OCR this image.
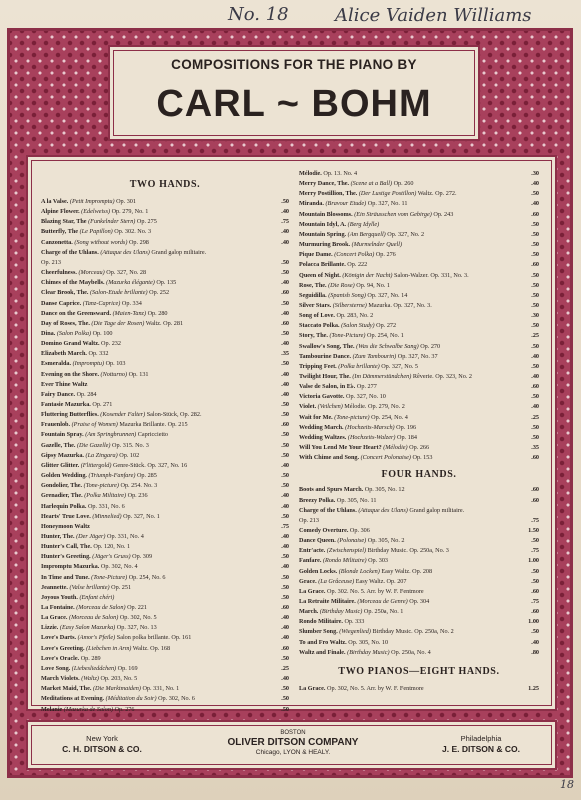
No. 18	Alice Vaiden Williams
18
COMPOSITIONS FOR THE PIANO BY
CARL ~ BOHM
TWO HANDS.
A la Valse. (Petit Impromptu) Op. 301	.50
Alpine Flower. (Edelweiss) Op. 279, No. 1	.40
Blazing Star, The (Funkelnder Stern) Op. 275	.75
Butterfly, The (Le Papillon) Op. 302. No. 3	.40
Canzonetta. (Song without words) Op. 298	.40
Charge of the Uhlans. (Attaque des Ulans) Grand galop militaire.
Op. 213	.50
Cheerfulness. (Morceau) Op. 327, No. 28	.50
Chimes of the Maybells. (Mazurka élégante) Op. 135	.40
Clear Brook, The. (Salon-Etude brillante) Op. 252	.60
Danse Caprice. (Tanz-Caprice) Op. 334	.50
Dance on the Greensward. (Maien-Tanz) Op. 280	.40
Day of Roses, The. (Die Tage der Rosen) Waltz. Op. 281	.60
Dina. (Salon Polka) Op. 100	.50
Domino Grand Waltz. Op. 232	.40
Elizabeth March. Op. 332	.35
Esmeralda. (Impromptu) Op. 103	.50
Evening on the Shore. (Notturno) Op. 131	.40
Ever Thine Waltz	.40
Fairy Dance. Op. 284	.40
Fantasie Mazurka. Op. 271	.50
Fluttering Butterflies. (Kosender Falter) Salon-Stück, Op. 282.	.50
Frauenlob. (Praise of Women) Mazurka Brillante. Op. 215	.60
Fountain Spray. (Am Springbrunnen) Capriccietto	.50
Gazelle, The. (Die Gazelle) Op. 315. No. 3	.50
Gipsy Mazurka. (La Zingara) Op. 102	.50
Glitter Glitter. (Flittergold) Genre-Stück. Op. 327, No. 16	.40
Golden Wedding. (Triumph-Fanfare) Op. 285	.50
Gondolier, The. (Tone-picture) Op. 254. No. 3	.50
Grenadier, The. (Polka Militaire) Op. 236	.40
Harlequin Polka. Op. 331, No. 6	.40
Hearts' True Love. (Minnelied) Op. 327, No. 1	.50
Honeymoon Waltz	.75
Hunter, The. (Der Jäger) Op. 331, No. 4	.40
Hunter's Call, The. Op. 120, No. 1	.40
Hunter's Greeting. (Jäger's Gruss) Op. 309	.50
Impromptu Mazurka. Op. 302, No. 4	.40
In Time and Tune. (Tone-Picture) Op. 254, No. 6	.50
Jeannette. (Valse brillante) Op. 251	.50
Joyous Youth. (Enfant chéri)	.50
La Fontaine. (Morceau de Salon) Op. 221	.60
La Grace. (Morceau de Salon) Op. 302, No. 5	.40
Lizzie. (Easy Salon Mazurka) Op. 327, No. 13	.40
Love's Darts. (Amor's Pfeile) Salon polka brillante. Op. 161	.40
Love's Greeting. (Liebchen in Arm) Waltz. Op. 168	.60
Love's Oracle. Op. 289	.50
Love Song. (Liebeslieddchen) Op. 169	.25
March Violets. (Waltz) Op. 203, No. 5	.40
Market Maid, The. (Die Marktmaiden) Op. 331, No. 1	.50
Meditations at Evening. (Méditation du Soir) Op. 302, No. 6	.50
Melanie (Mazurka de Salon) Op. 276	.50
FOUR HANDS.
TWO PIANOS—EIGHT HANDS.
Mélodie. Op. 13. No. 4	.30
Merry Dance, The. (Scene at a Ball) Op. 260	.40
Merry Postillion, The. (Der Lustige Postillon) Waltz. Op. 272.	.50
Miranda. (Bravour Etude) Op. 327, No. 11	.40
Mountain Blossoms. (Ein Sträusschen vom Gebirge) Op. 243	.60
Mountain Idyl, A. (Berg Idylle)	.50
Mountain Spring. (Am Bergquell) Op. 327, No. 2	.50
Murmuring Brook. (Murmelnder Quell)	.50
Pique Dame. (Concert Polka) Op. 276	.50
Polacca Brillante. Op. 222	.60
Queen of Night. (Königin der Nacht) Salon-Walzer. Op. 331, No. 3.	.50
Rose, The. (Die Rose) Op. 94, No. 1	.50
Seguidilla. (Spanish Song) Op. 327, No. 14	.50
Silver Stars. (Silbersterne) Mazurka. Op. 327, No. 3.	.50
Song of Love. Op. 283, No. 2	.30
Staccato Polka. (Salon Study) Op. 272	.50
Story, The. (Tone-Picture) Op. 254, No. 1	.25
Swallow's Song, The. (Was die Schwalbe Sang) Op. 270	.50
Tambourine Dance. (Zum Tambourin) Op. 327, No. 37	.40
Tripping Feet. (Polka brillante) Op. 327, No. 5	.50
Twilight Hour, The. (Im Dämmerstündchen) Rêverie. Op. 323, No. 2	.40
Valse de Salon, in E♭. Op. 277	.60
Victoria Gavotte. Op. 327, No. 10	.50
Violet. (Veilchen) Mélodie. Op. 279, No. 2	.40
Wait for Me. (Tone-picture) Op. 254, No. 4	.25
Wedding March. (Hochzeits-Marsch) Op. 196	.50
Wedding Waltzes. (Hochzeits-Walzer) Op. 184	.50
Will You Lend Me Your Heart? (Mélodie) Op. 266	.35
With Chime and Song. (Concert Polonaise) Op. 153	.60
Boots and Spurs March. Op. 305, No. 12	.60
Breezy Polka. Op. 305, No. 11	.60
Charge of the Uhlans. (Attaque des Ulans) Grand galop militaire.
Op. 213	.75
Comedy Overture. Op. 306	1.50
Dance Queen. (Polonaise) Op. 305, No. 2	.50
Entr'acte. (Zwischenspiel) Birthday Music. Op. 250a, No. 3	.75
Fanfare. (Rondo Militaire) Op. 303	1.00
Golden Locks. (Blonde Locken) Easy Waltz. Op. 208	.50
Grace. (La Grâceuse) Easy Waltz. Op. 207	.50
La Grace. Op. 302. No. 5. Arr. by W. F. Fentmore	.60
La Retraite Militaire. (Morceau de Genre) Op. 304	.75
March. (Birthday Music) Op. 250a, No. 1	.60
Rondo Militaire. Op. 333	1.00
Slumber Song. (Wiegenlied) Birthday Music. Op. 250a, No. 2	.50
To and Fro Waltz. Op. 305, No. 10	.40
Waltz and Finale. (Birthday Music) Op. 250a, No. 4	.80
La Grace. Op. 302, No. 5. Arr. by W. F. Fentmore	1.25
New York
C. H. DITSON & CO.
BOSTON
OLIVER DITSON COMPANY
Chicago, LYON & HEALY.
Philadelphia
J. E. DITSON & CO.
